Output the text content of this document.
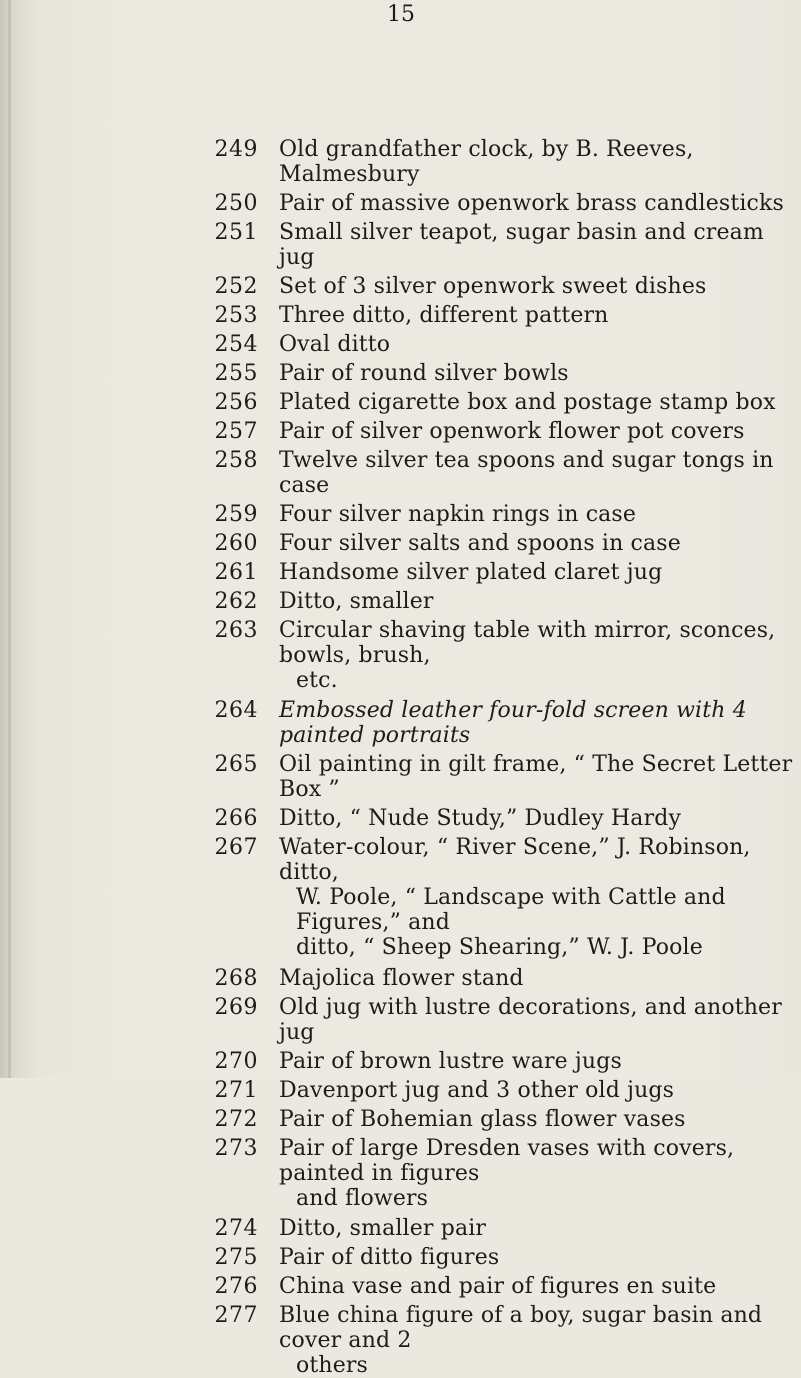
15
249 Old grandfather clock, by B. Reeves, Malmesbury
250 Pair of massive openwork brass candlesticks
251 Small silver teapot, sugar basin and cream jug
252 Set of 3 silver openwork sweet dishes
253 Three ditto, different pattern
254 Oval ditto
255 Pair of round silver bowls
256 Plated cigarette box and postage stamp box
257 Pair of silver openwork flower pot covers
258 Twelve silver tea spoons and sugar tongs in case
259 Four silver napkin rings in case
260 Four silver salts and spoons in case
261 Handsome silver plated claret jug
262 Ditto, smaller
263 Circular shaving table with mirror, sconces, bowls, brush,
etc.
264 Embossed leather four-fold screen with 4 painted portraits
265 Oil painting in gilt frame, “ The Secret Letter Box ”
266 Ditto, “ Nude Study,” Dudley Hardy
267 Water-colour, “ River Scene,” J. Robinson, ditto,
W. Poole, “ Landscape with Cattle and Figures,” and
ditto, “ Sheep Shearing,” W. J. Poole
268 Majolica flower stand
269 Old jug with lustre decorations, and another jug
270 Pair of brown lustre ware jugs
271 Davenport jug and 3 other old jugs
272 Pair of Bohemian glass flower vases
273 Pair of large Dresden vases with covers, painted in figures
and flowers
274 Ditto, smaller pair
275 Pair of ditto figures
276 China vase and pair of figures en suite
277 Blue china figure of a boy, sugar basin and cover and 2
others
